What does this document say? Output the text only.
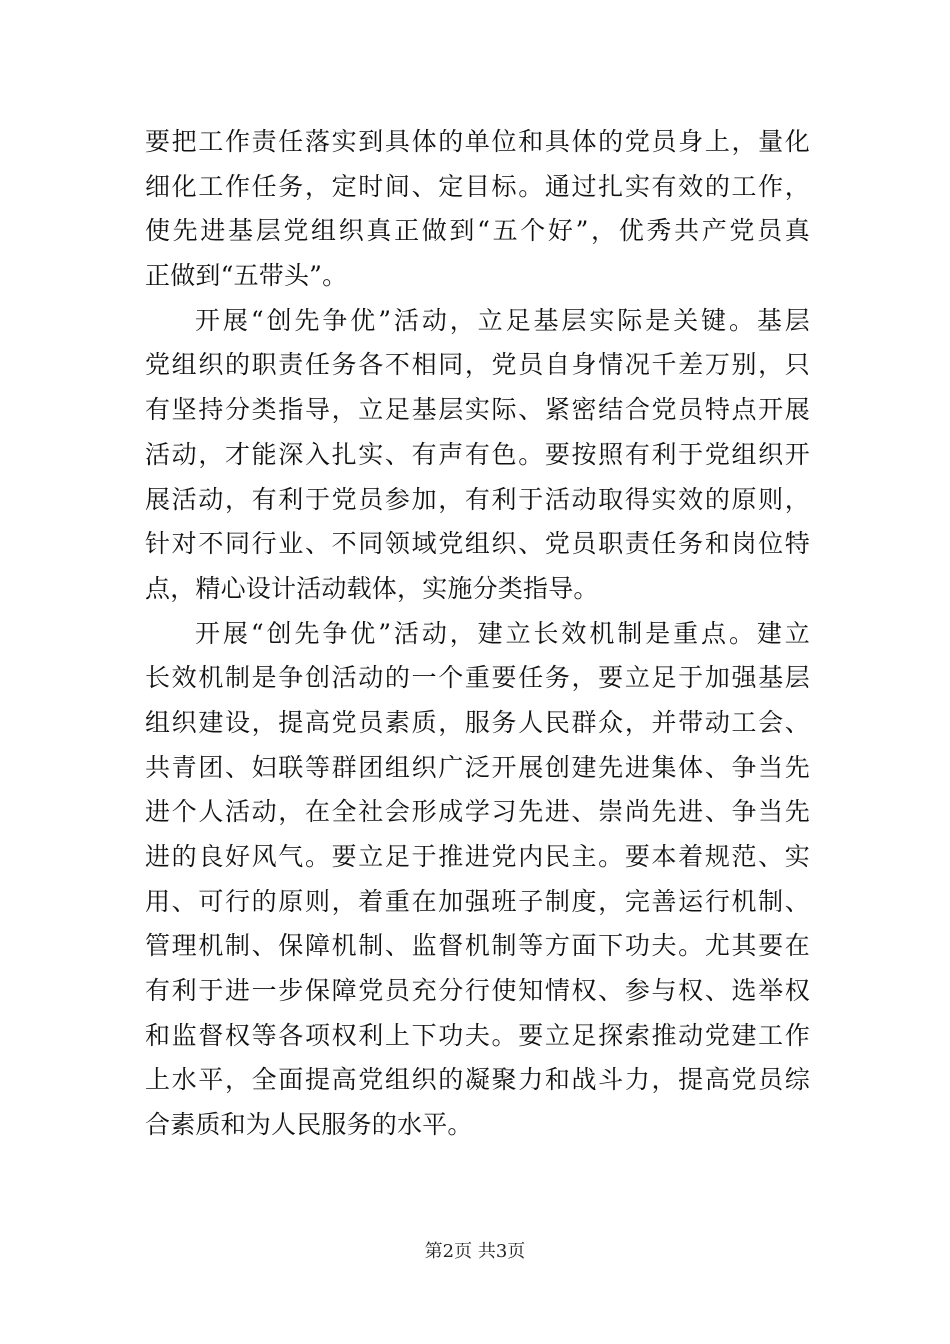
要把工作责任落实到具体的单位和具体的党员身上，量化
细化工作任务，定时间、定目标。通过扎实有效的工作，
使先进基层党组织真正做到“五个好”，优秀共产党员真
正做到“五带头”。
开展“创先争优”活动，立足基层实际是关键。基层
党组织的职责任务各不相同，党员自身情况千差万别，只
有坚持分类指导，立足基层实际、紧密结合党员特点开展
活动，才能深入扎实、有声有色。要按照有利于党组织开
展活动，有利于党员参加，有利于活动取得实效的原则，
针对不同行业、不同领域党组织、党员职责任务和岗位特
点，精心设计活动载体，实施分类指导。
开展“创先争优”活动，建立长效机制是重点。建立
长效机制是争创活动的一个重要任务，要立足于加强基层
组织建设，提高党员素质，服务人民群众，并带动工会、
共青团、妇联等群团组织广泛开展创建先进集体、争当先
进个人活动，在全社会形成学习先进、崇尚先进、争当先
进的良好风气。要立足于推进党内民主。要本着规范、实
用、可行的原则，着重在加强班子制度，完善运行机制、
管理机制、保障机制、监督机制等方面下功夫。尤其要在
有利于进一步保障党员充分行使知情权、参与权、选举权
和监督权等各项权利上下功夫。要立足探索推动党建工作
上水平，全面提高党组织的凝聚力和战斗力，提高党员综
合素质和为人民服务的水平。
第2页 共3页
